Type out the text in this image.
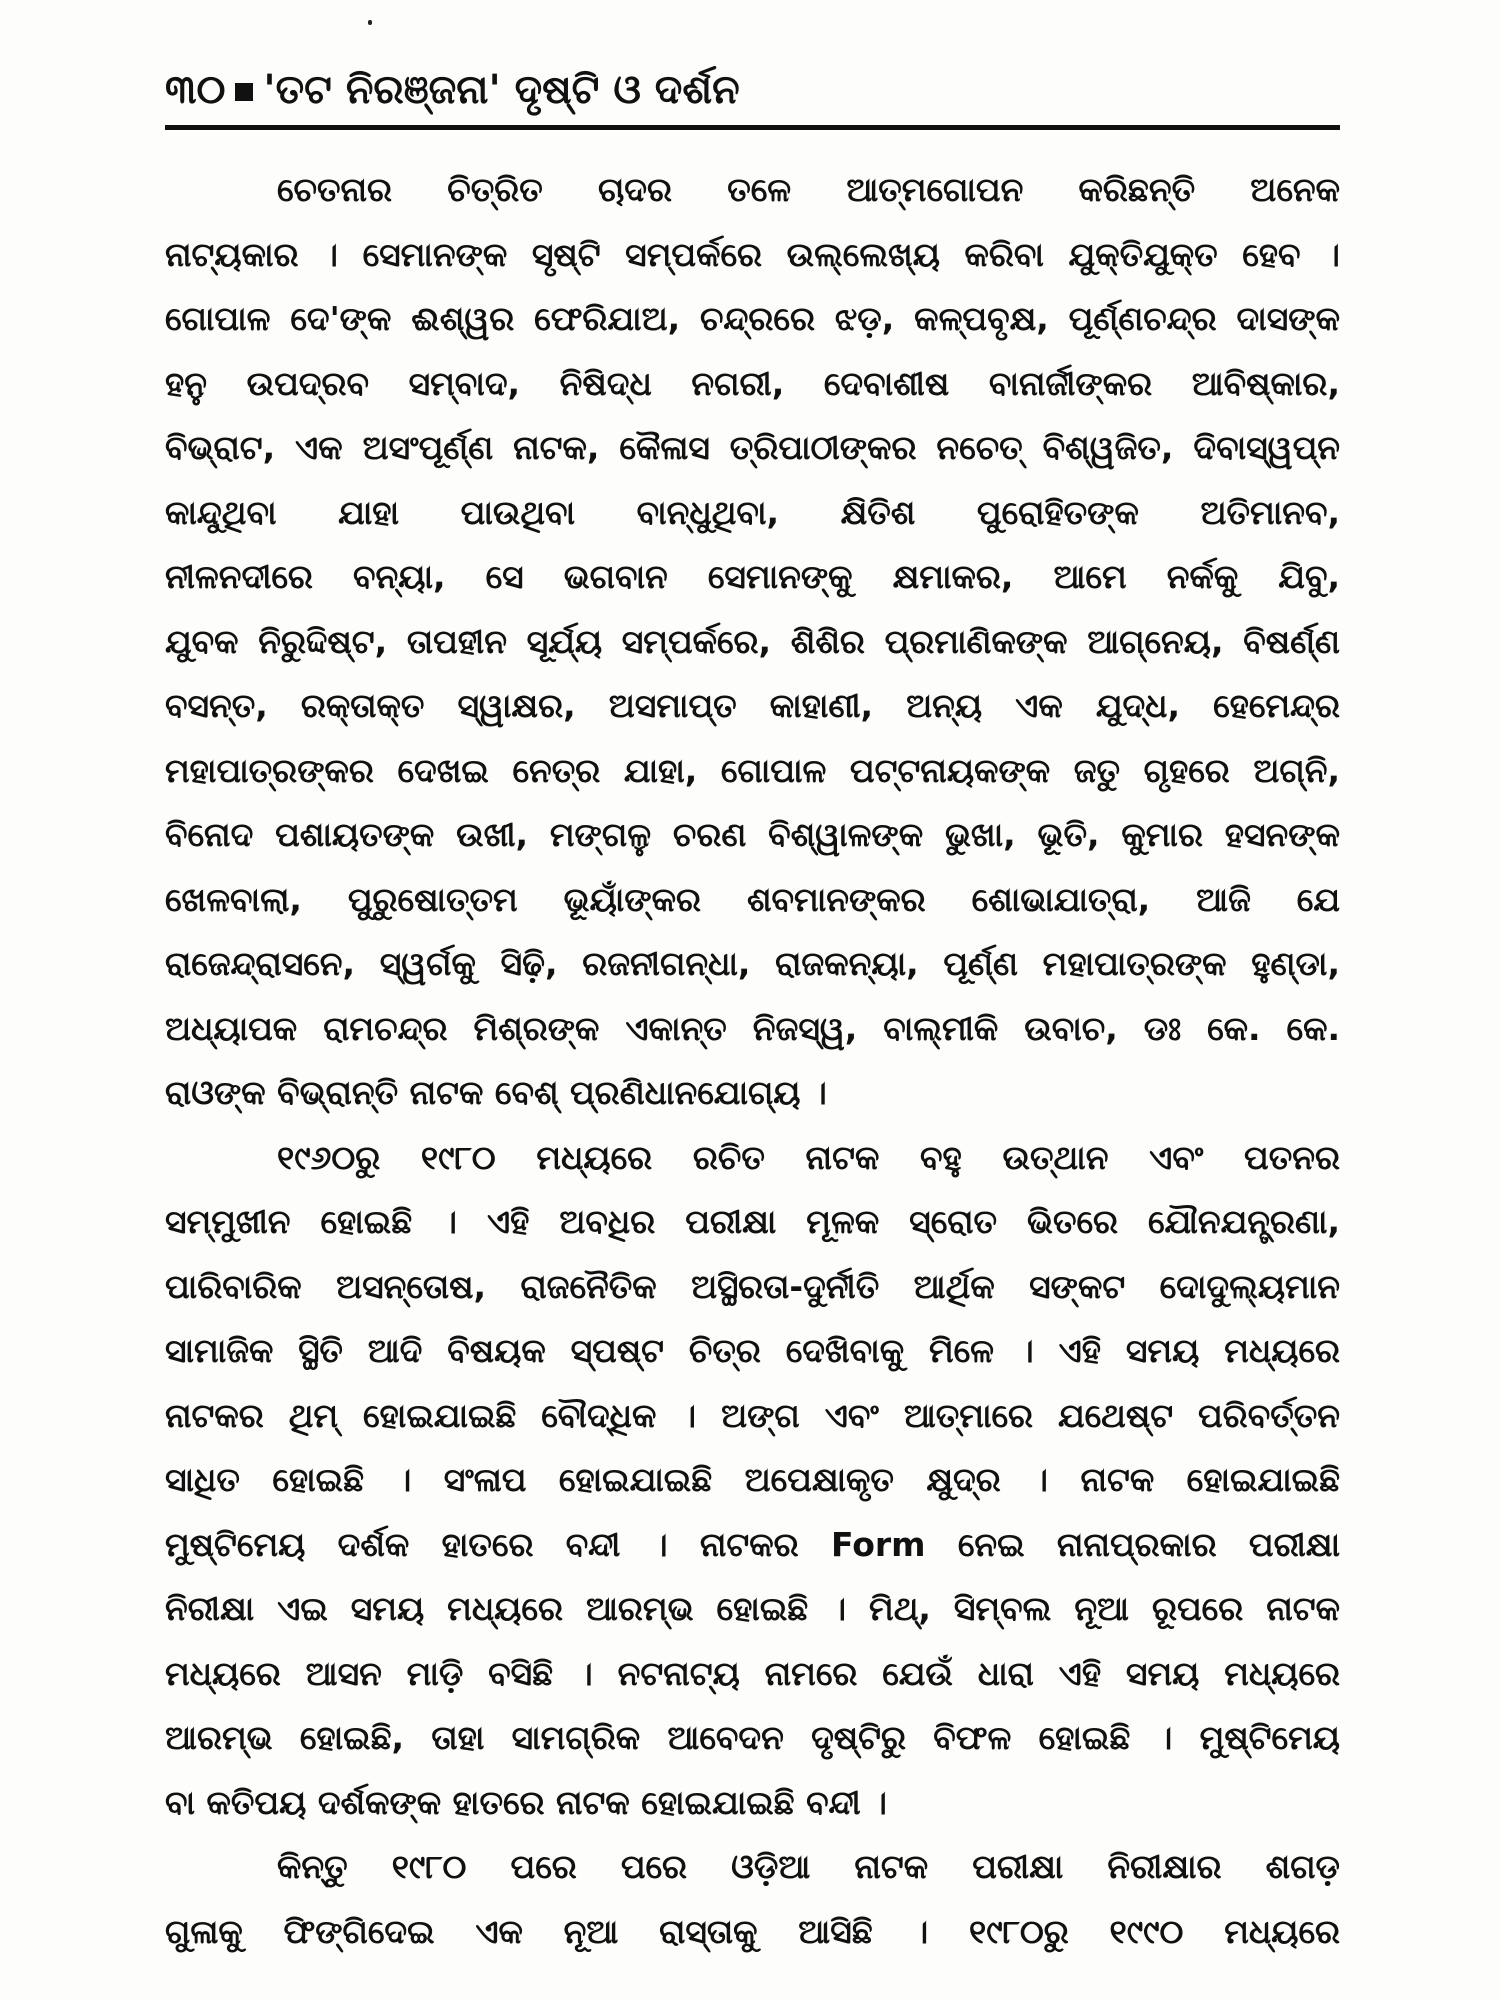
୩୦ 'ତଟ ନିରଞ୍ଜନା' ଦୃଷ୍ଟି ଓ ଦର୍ଶନ
ଚେତନାର ଚିତ୍ରିତ ଚାଦର ତଳେ ଆତ୍ମଗୋପନ କରିଛନ୍ତି ଅନେକ
ନାଟ୍ୟକାର । ସେମାନଙ୍କ ସୃଷ୍ଟି ସମ୍ପର୍କରେ ଉଲ୍ଲେଖ୍ୟ କରିବା ଯୁକ୍ତିଯୁକ୍ତ ହେବ ।
ଗୋପାଳ ଦେ'ଙ୍କ ଈଶ୍ୱର ଫେରିଯାଅ, ଚନ୍ଦ୍ରରେ ଝଡ଼, କଳ୍ପବୃକ୍ଷ, ପୂର୍ଣ୍ଣଚନ୍ଦ୍ର ଦାସଙ୍କ
ହନୁ ଉପଦ୍ରବ ସମ୍ବାଦ, ନିଷିଦ୍ଧ ନଗରୀ, ଦେବାଶୀଷ ବାନାର୍ଜୀଙ୍କର ଆବିଷ୍କାର,
ବିଭ୍ରାଟ, ଏକ ଅସଂପୂର୍ଣ୍ଣ ନାଟକ, କୈଳାସ ତ୍ରିପାଠୀଙ୍କର ନଚେତ୍ ବିଶ୍ୱଜିତ, ଦିବାସ୍ୱପ୍ନ
କାନ୍ଦୁଥିବା ଯାହା ପାଉଥିବା ବାନ୍ଧୁଥିବା, କ୍ଷିତିଶ ପୁରୋହିତଙ୍କ ଅତିମାନବ,
ନୀଳନଦୀରେ ବନ୍ୟା, ସେ ଭଗବାନ ସେମାନଙ୍କୁ କ୍ଷମାକର, ଆମେ ନର୍କକୁ ଯିବୁ,
ଯୁବକ ନିରୁଦ୍ଦିଷ୍ଟ, ତାପହୀନ ସୂର୍ଯ୍ୟ ସମ୍ପର୍କରେ, ଶିଶିର ପ୍ରମାଣିକଙ୍କ ଆଗ୍ନେୟ, ବିଷର୍ଣ୍ଣ
ବସନ୍ତ, ରକ୍ତାକ୍ତ ସ୍ୱାକ୍ଷର, ଅସମାପ୍ତ କାହାଣୀ, ଅନ୍ୟ ଏକ ଯୁଦ୍ଧ, ହେମେନ୍ଦ୍ର
ମହାପାତ୍ରଙ୍କର ଦେଖଇ ନେତ୍ର ଯାହା, ଗୋପାଳ ପଟ୍ଟନାୟକଙ୍କ ଜତୁ ଗୃହରେ ଅଗ୍ନି,
ବିନୋଦ ପଶାୟତଙ୍କ ଉଖୀ, ମଙ୍ଗଳୁ ଚରଣ ବିଶ୍ୱାଳଙ୍କ ଭୁଖା, ଭୂତି, କୁମାର ହସନଙ୍କ
ଖେଳବାଲା, ପୁରୁଷୋତ୍ତମ ଭୂୟାଁଙ୍କର ଶବମାନଙ୍କର ଶୋଭାଯାତ୍ରା, ଆଜି ଯେ
ରାଜେନ୍ଦ୍ରାସନେ, ସ୍ୱର୍ଗକୁ ସିଢ଼ି, ରଜନୀଗନ୍ଧା, ରାଜକନ୍ୟା, ପୂର୍ଣ୍ଣ ମହାପାତ୍ରଙ୍କ ହୁଣ୍ଡା,
ଅଧ୍ୟାପକ ରାମଚନ୍ଦ୍ର ମିଶ୍ରଙ୍କ ଏକାନ୍ତ ନିଜସ୍ୱ, ବାଲ୍ମୀକି ଉବାଚ, ଡଃ କେ. କେ.
ରାଓଙ୍କ ବିଭ୍ରାନ୍ତି ନାଟକ ବେଶ୍ ପ୍ରଣିଧାନଯୋଗ୍ୟ ।
୧୯୬୦ରୁ ୧୯୮୦ ମଧ୍ୟରେ ରଚିତ ନାଟକ ବହୁ ଉତ୍‌ଥାନ ଏବଂ ପତନର
ସମ୍ମୁଖୀନ ହୋଇଛି । ଏହି ଅବଧିର ପରୀକ୍ଷା ମୂଳକ ସ୍ରୋତ ଭିତରେ ଯୌନଯନ୍ତ୍ରଣା,
ପାରିବାରିକ ଅସନ୍ତୋଷ, ରାଜନୈତିକ ଅସ୍ଥିରତା-ଦୁର୍ନୀତି ଆର୍ଥିକ ସଙ୍କଟ ଦୋଦୁଲ୍ୟମାନ
ସାମାଜିକ ସ୍ଥିତି ଆଦି ବିଷୟକ ସ୍ପଷ୍ଟ ଚିତ୍ର ଦେଖିବାକୁ ମିଳେ । ଏହି ସମୟ ମଧ୍ୟରେ
ନାଟକର ଥିମ୍ ହୋଇଯାଇଛି ବୌଦ୍ଧିକ । ଅଙ୍ଗ ଏବଂ ଆତ୍ମାରେ ଯଥେଷ୍ଟ ପରିବର୍ତ୍ତନ
ସାଧିତ ହୋଇଛି । ସଂଳାପ ହୋଇଯାଇଛି ଅପେକ୍ଷାକୃତ କ୍ଷୁଦ୍ର । ନାଟକ ହୋଇଯାଇଛି
ମୁଷ୍ଟିମେୟ ଦର୍ଶକ ହାତରେ ବନ୍ଦୀ । ନାଟକର Form ନେଇ ନାନାପ୍ରକାର ପରୀକ୍ଷା
ନିରୀକ୍ଷା ଏଇ ସମୟ ମଧ୍ୟରେ ଆରମ୍ଭ ହୋଇଛି । ମିଥ୍, ସିମ୍ବଲ ନୂଆ ରୂପରେ ନାଟକ
ମଧ୍ୟରେ ଆସନ ମାଡ଼ି ବସିଛି । ନଟନାଟ୍ୟ ନାମରେ ଯେଉଁ ଧାରା ଏହି ସମୟ ମଧ୍ୟରେ
ଆରମ୍ଭ ହୋଇଛି, ତାହା ସାମଗ୍ରିକ ଆବେଦନ ଦୃଷ୍ଟିରୁ ବିଫଳ ହୋଇଛି । ମୁଷ୍ଟିମେୟ
ବା କତିପୟ ଦର୍ଶକଙ୍କ ହାତରେ ନାଟକ ହୋଇଯାଇଛି ବନ୍ଦୀ ।
କିନ୍ତୁ ୧୯୮୦ ପରେ ପରେ ଓଡ଼ିଆ ନାଟକ ପରୀକ୍ଷା ନିରୀକ୍ଷାର ଶଗଡ଼
ଗୁଳାକୁ ଫିଙ୍ଗିଦେଇ ଏକ ନୂଆ ରାସ୍ତାକୁ ଆସିଛି । ୧୯୮୦ରୁ ୧୯୯୦ ମଧ୍ୟରେ
